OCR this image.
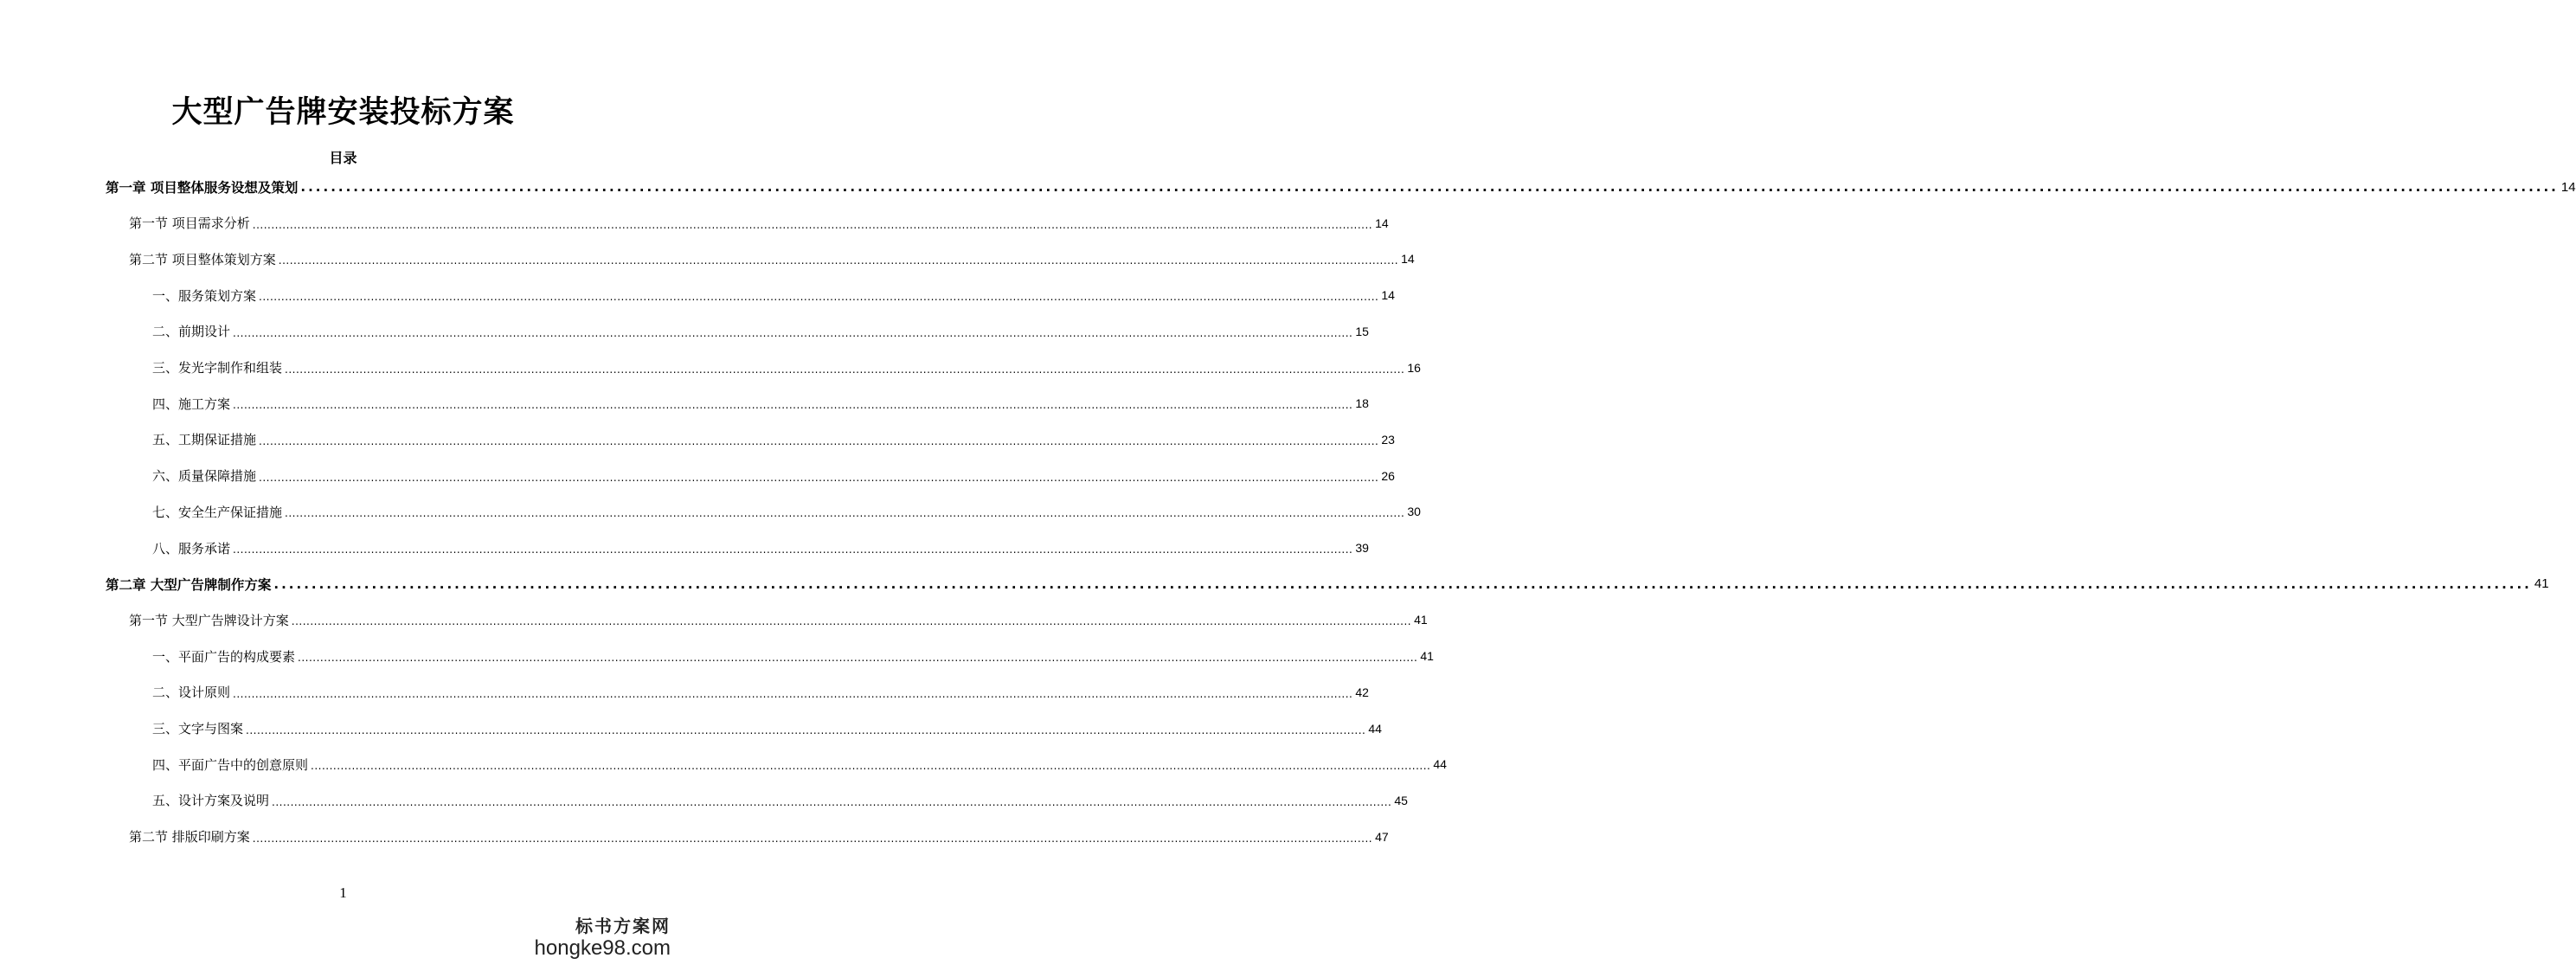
大型广告牌安装投标方案
目录
第一章 项目整体服务设想及策划 ............................................................................................................................................................................................................................................................................................................ 14
第一节 项目需求分析 ............................................................................................................................................................................................................................................................................................................ 14
第二节 项目整体策划方案 ............................................................................................................................................................................................................................................................................................................ 14
一、服务策划方案 ............................................................................................................................................................................................................................................................................................................ 14
二、前期设计 ............................................................................................................................................................................................................................................................................................................ 15
三、发光字制作和组装 ............................................................................................................................................................................................................................................................................................................ 16
四、施工方案 ............................................................................................................................................................................................................................................................................................................ 18
五、工期保证措施 ............................................................................................................................................................................................................................................................................................................ 23
六、质量保障措施 ............................................................................................................................................................................................................................................................................................................ 26
七、安全生产保证措施 ............................................................................................................................................................................................................................................................................................................ 30
八、服务承诺 ............................................................................................................................................................................................................................................................................................................ 39
第二章 大型广告牌制作方案 ............................................................................................................................................................................................................................................................................................................ 41
第一节 大型广告牌设计方案 ............................................................................................................................................................................................................................................................................................................ 41
一、平面广告的构成要素 ............................................................................................................................................................................................................................................................................................................ 41
二、设计原则 ............................................................................................................................................................................................................................................................................................................ 42
三、文字与图案 ............................................................................................................................................................................................................................................................................................................ 44
四、平面广告中的创意原则 ............................................................................................................................................................................................................................................................................................................ 44
五、设计方案及说明 ............................................................................................................................................................................................................................................................................................................ 45
第二节 排版印刷方案 ............................................................................................................................................................................................................................................................................................................ 47
1
标书方案网
hongke98.com
